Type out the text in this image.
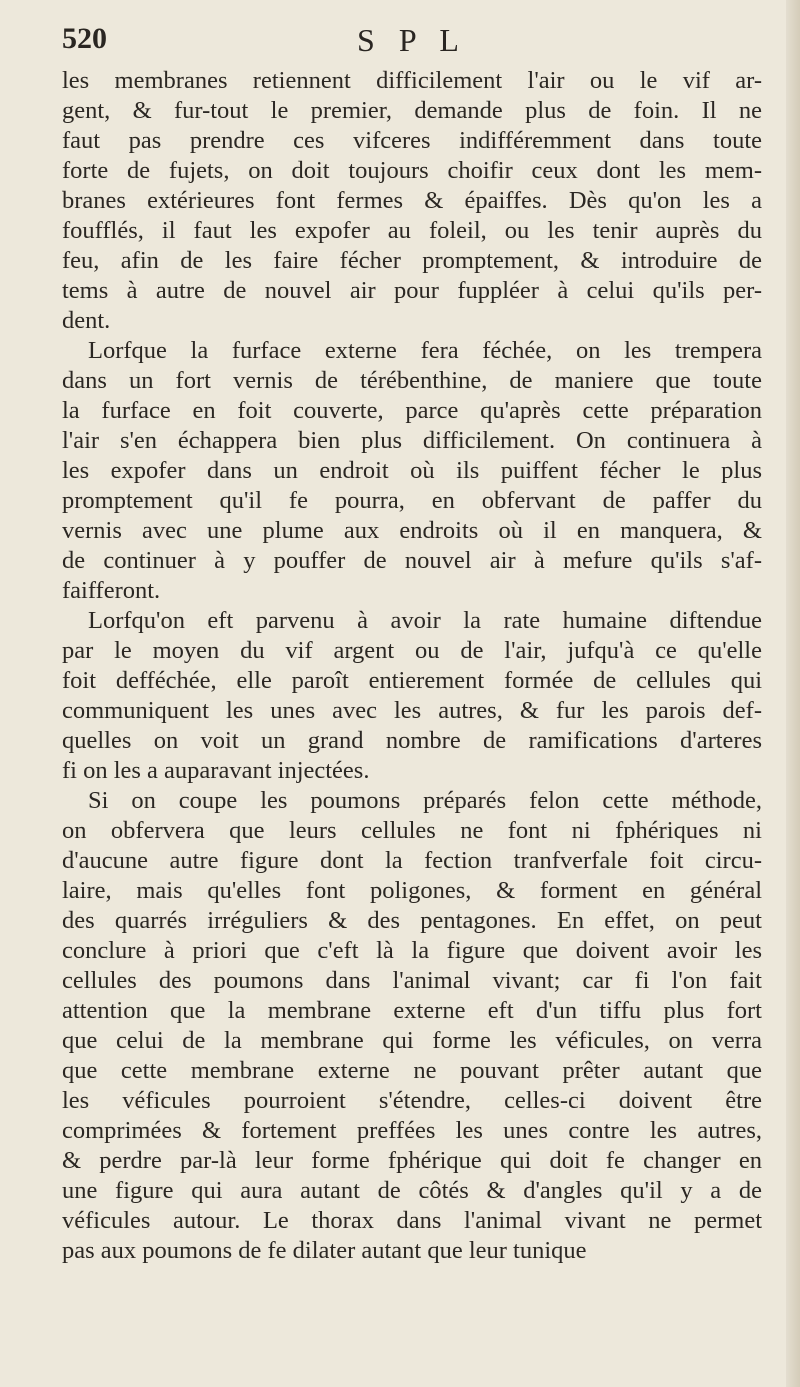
520	S P L
les membranes retiennent difficilement l'air ou le vif ar-
gent, & fur-tout le premier, demande plus de foin. Il ne
faut pas prendre ces vifceres indifféremment dans toute
forte de fujets, on doit toujours choifir ceux dont les mem-
branes extérieures font fermes & épaiffes. Dès qu'on les a
foufflés, il faut les expofer au foleil, ou les tenir auprès du
feu, afin de les faire fécher promptement, & introduire de
tems à autre de nouvel air pour fuppléer à celui qu'ils per-
dent.
Lorfque la furface externe fera féchée, on les trempera
dans un fort vernis de térébenthine, de maniere que toute
la furface en foit couverte, parce qu'après cette préparation
l'air s'en échappera bien plus difficilement. On continuera à
les expofer dans un endroit où ils puiffent fécher le plus
promptement qu'il fe pourra, en obfervant de paffer du
vernis avec une plume aux endroits où il en manquera, &
de continuer à y pouffer de nouvel air à mefure qu'ils s'af-
faifferont.
Lorfqu'on eft parvenu à avoir la rate humaine diftendue
par le moyen du vif argent ou de l'air, jufqu'à ce qu'elle
foit defféchée, elle paroît entierement formée de cellules qui
communiquent les unes avec les autres, & fur les parois def-
quelles on voit un grand nombre de ramifications d'arteres
fi on les a auparavant injectées.
Si on coupe les poumons préparés felon cette méthode,
on obfervera que leurs cellules ne font ni fphériques ni
d'aucune autre figure dont la fection tranfverfale foit circu-
laire, mais qu'elles font poligones, & forment en général
des quarrés irréguliers & des pentagones. En effet, on peut
conclure à priori que c'eft là la figure que doivent avoir les
cellules des poumons dans l'animal vivant; car fi l'on fait
attention que la membrane externe eft d'un tiffu plus fort
que celui de la membrane qui forme les véficules, on verra
que cette membrane externe ne pouvant prêter autant que
les véficules pourroient s'étendre, celles-ci doivent être
comprimées & fortement preffées les unes contre les autres,
& perdre par-là leur forme fphérique qui doit fe changer en
une figure qui aura autant de côtés & d'angles qu'il y a de
véficules autour. Le thorax dans l'animal vivant ne permet
pas aux poumons de fe dilater autant que leur tunique
